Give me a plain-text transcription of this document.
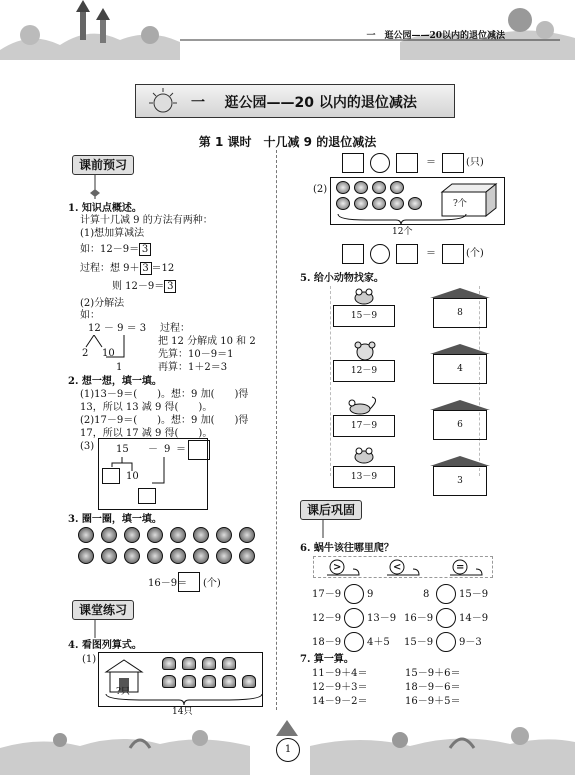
一　逛公园——20以内的退位减法
一 逛公园——20 以内的退位减法
第 1 课时　十几减 9 的退位减法
课前预习
1. 知识点概述。
计算十几减 9 的方法有两种：
(1)想加算减法
如：12－9＝ 3
过程：想 9＋ 3 ＝12
则 12－9＝ 3
(2)分解法
如：
12 － 9 ＝ 3
2 10
1
过程：
把 12 分解成 10 和 2
先算：10－9＝1
再算：1＋2＝3
2. 想一想，填一填。
(1)13－9＝(　　)。想：9 加(　　)得
13，所以 13 减 9 得(　　)。
(2)17－9＝(　　)。想：9 加(　　)得
17，所以 17 减 9 得(　　)。
(3) 15 － 9 ＝
10
3. 圈一圈，填一填。
16－9＝ (个)
课堂练习
4. 看图列算式。
(1)
?只
14只
＝	(只)
(2)
?个
12个
＝	(个)
5. 给小动物找家。
15－9
12－9
17－9
13－9
8
4
6
3
课后巩固
6. 蜗牛该往哪里爬？
>	<	=
17－9	9	8	15－9
12－9	13－9 16－9	14－9
18－9	4＋5 15－9	9－3
7. 算一算。
11－9＋4＝	15－9＋6＝
12－9＋3＝	18－9－6＝
14－9－2＝	16－9＋5＝
1
